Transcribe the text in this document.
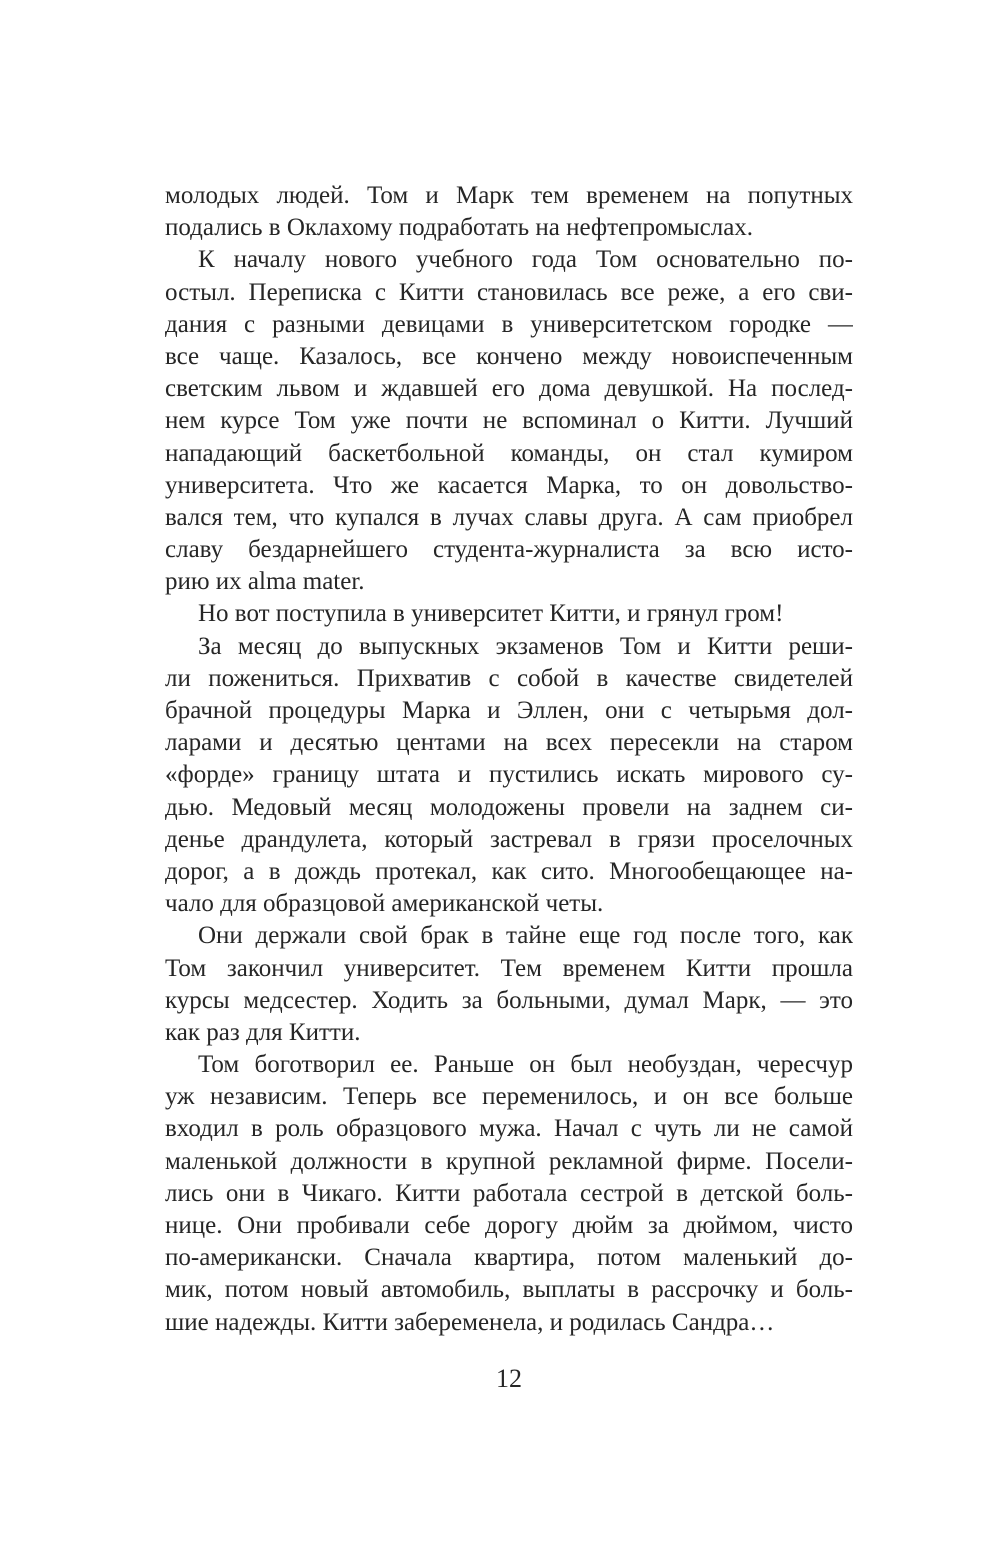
молодых людей. Том и Марк тем временем на попутных
подались в Оклахому подработать на нефтепромыслах.

К началу нового учебного года Том основательно по-
остыл. Переписка с Китти становилась все реже, а его сви-
дания с разными девицами в университетском городке —
все чаще. Казалось, все кончено между новоиспеченным
светским львом и ждавшей его дома девушкой. На послед-
нем курсе Том уже почти не вспоминал о Китти. Лучший
нападающий баскетбольной команды, он стал кумиром
университета. Что же касается Марка, то он довольство-
вался тем, что купался в лучах славы друга. А сам приобрел
славу бездарнейшего студента-журналиста за всю исто-
рию их alma mater.

Но вот поступила в университет Китти, и грянул гром!

За месяц до выпускных экзаменов Том и Китти реши-
ли пожениться. Прихватив с собой в качестве свидетелей
брачной процедуры Марка и Эллен, они с четырьмя дол-
ларами и десятью центами на всех пересекли на старом
«форде» границу штата и пустились искать мирового су-
дью. Медовый месяц молодожены провели на заднем си-
денье драндулета, который застревал в грязи проселочных
дорог, а в дождь протекал, как сито. Многообещающее на-
чало для образцовой американской четы.

Они держали свой брак в тайне еще год после того, как
Том закончил университет. Тем временем Китти прошла
курсы медсестер. Ходить за больными, думал Марк, — это
как раз для Китти.

Том боготворил ее. Раньше он был необуздан, чересчур
уж независим. Теперь все переменилось, и он все больше
входил в роль образцового мужа. Начал с чуть ли не самой
маленькой должности в крупной рекламной фирме. Посели-
лись они в Чикаго. Китти работала сестрой в детской боль-
нице. Они пробивали себе дорогу дюйм за дюймом, чисто
по-американски. Сначала квартира, потом маленький до-
мик, потом новый автомобиль, выплаты в рассрочку и боль-
шие надежды. Китти забеременела, и родилась Сандра…

12
